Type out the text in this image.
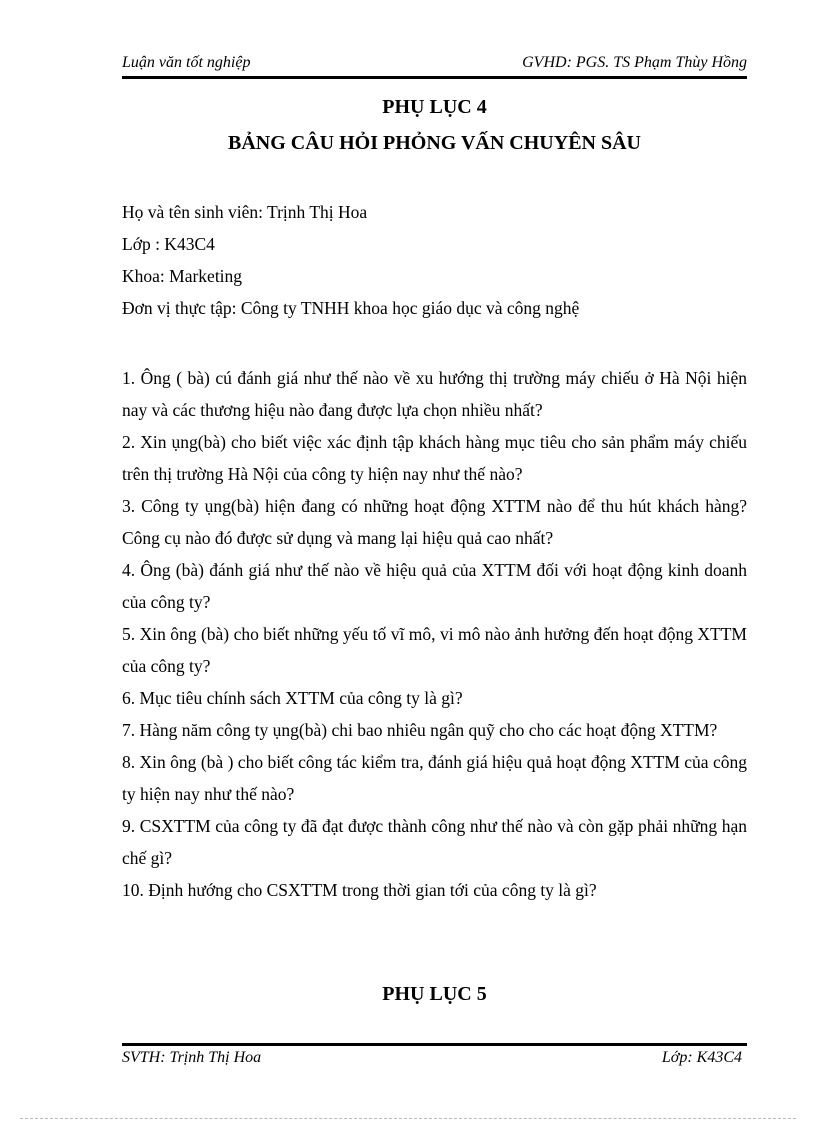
Luận văn tốt nghiệp	GVHD: PGS. TS Phạm Thùy Hồng
PHỤ LỤC 4
BẢNG CÂU HỎI PHỎNG VẤN CHUYÊN SÂU
Họ và tên sinh viên: Trịnh Thị Hoa
Lớp : K43C4
Khoa: Marketing
Đơn vị thực tập: Công ty TNHH khoa học giáo dục và công nghệ

1. Ông ( bà) cú đánh giá như thế nào về xu hướng thị trường máy chiếu ở Hà Nội hiện nay và các thương hiệu nào đang được lựa chọn nhiều nhất?

2. Xin ụng(bà) cho biết việc xác định tập khách hàng mục tiêu cho sản phẩm máy chiếu trên thị trường Hà Nội của công ty hiện nay như thế nào?

3. Công ty ụng(bà) hiện đang có những hoạt động XTTM nào để thu hút khách hàng? Công cụ nào đó được sử dụng và mang lại hiệu quả cao nhất?

4. Ông (bà) đánh giá như thế nào về hiệu quả của XTTM đối với hoạt động kinh doanh của công ty?

5. Xin ông (bà) cho biết những yếu tố vĩ mô, vi mô nào ảnh hưởng đến hoạt động XTTM của công ty?

6. Mục tiêu chính sách XTTM của công ty là gì?

7. Hàng năm công ty ụng(bà) chi bao nhiêu ngân quỹ cho cho các hoạt động XTTM?

8. Xin ông (bà ) cho biết công tác kiểm tra, đánh giá hiệu quả hoạt động XTTM của công ty hiện nay như thế nào?

9. CSXTTM của công ty đã đạt được thành công như thế nào và còn gặp phải những hạn chế gì?

10. Định hướng cho CSXTTM trong thời gian tới của công ty là gì?

PHỤ LỤC 5
SVTH: Trịnh Thị Hoa	Lớp: K43C4
